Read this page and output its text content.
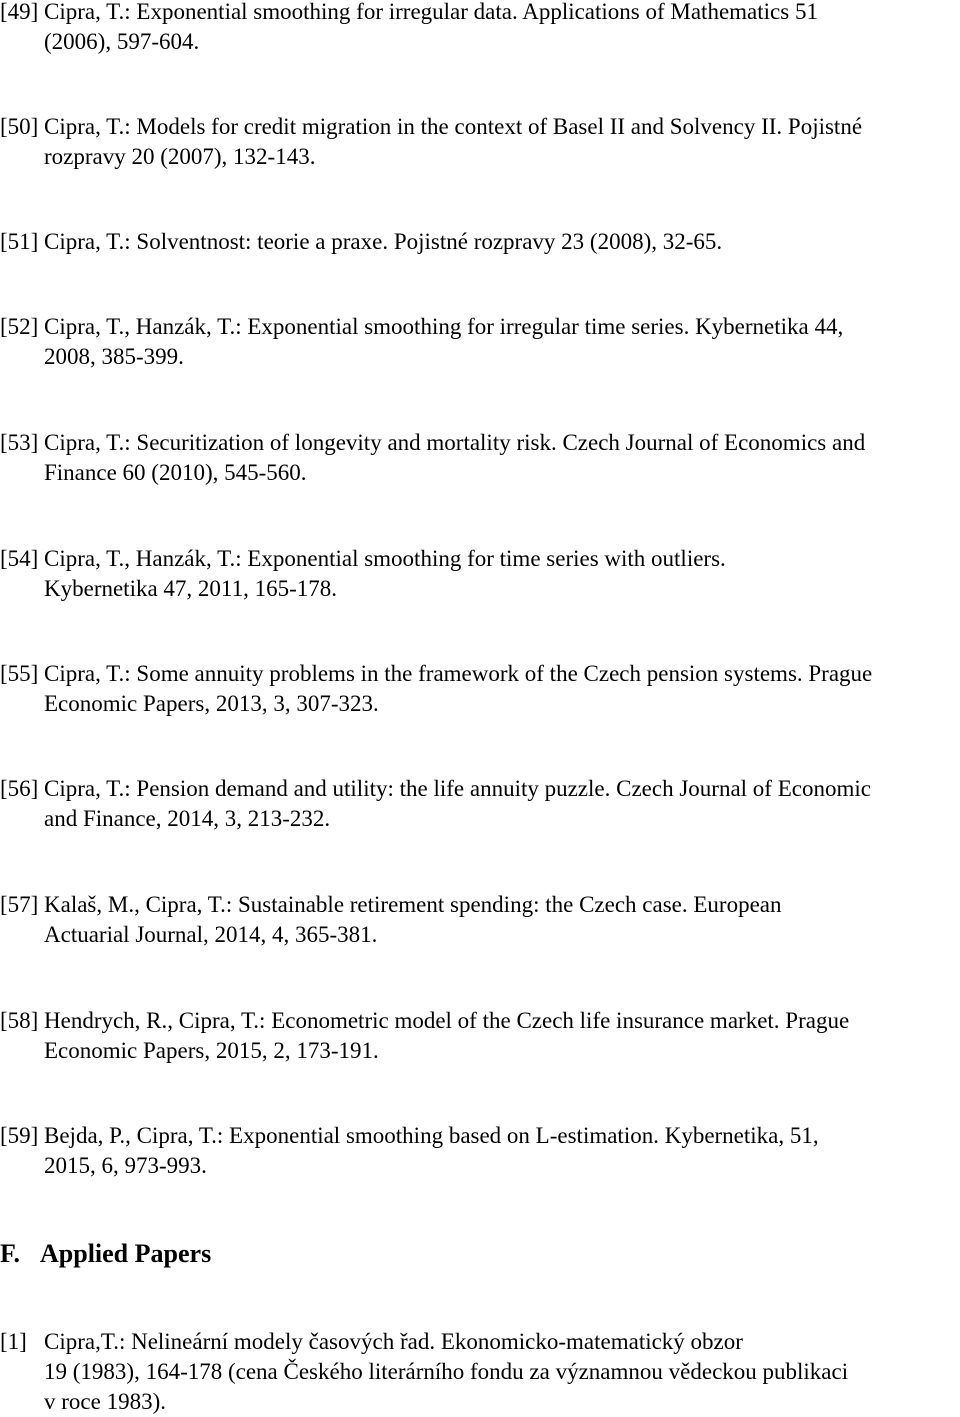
[49] Cipra, T.: Exponential smoothing for irregular data. Applications of Mathematics 51
(2006), 597-604.
[50] Cipra, T.: Models for credit migration in the context of Basel II and Solvency II. Pojistné
rozpravy 20 (2007), 132-143.
[51] Cipra, T.: Solventnost: teorie a praxe. Pojistné rozpravy 23 (2008), 32-65.
[52] Cipra, T., Hanzák, T.: Exponential smoothing for irregular time series. Kybernetika 44,
2008, 385-399.
[53] Cipra, T.: Securitization of longevity and mortality risk. Czech Journal of Economics and
Finance 60 (2010), 545-560.
[54] Cipra, T., Hanzák, T.: Exponential smoothing for time series with outliers.
Kybernetika 47, 2011, 165-178.
[55] Cipra, T.: Some annuity problems in the framework of the Czech pension systems. Prague
Economic Papers, 2013, 3, 307-323.
[56] Cipra, T.: Pension demand and utility: the life annuity puzzle. Czech Journal of Economic
and Finance, 2014, 3, 213-232.
[57] Kalaš, M., Cipra, T.: Sustainable retirement spending: the Czech case. European
Actuarial Journal, 2014, 4, 365-381.
[58] Hendrych, R., Cipra, T.: Econometric model of the Czech life insurance market. Prague
Economic Papers, 2015, 2, 173-191.
[59] Bejda, P., Cipra, T.: Exponential smoothing based on L-estimation. Kybernetika, 51,
2015, 6, 973-993.
F. Applied Papers
[1] Cipra,T.: Nelineární modely časových řad. Ekonomicko-matematický obzor
19 (1983), 164-178 (cena Českého literárního fondu za významnou vědeckou publikaci
v roce 1983).
